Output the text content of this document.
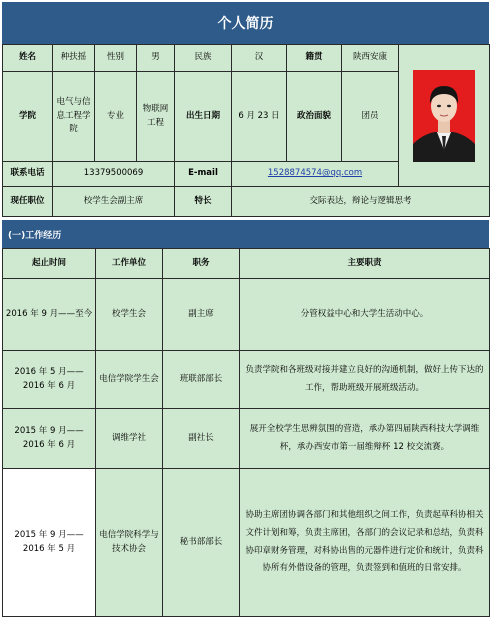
个人简历
姓名	种扶摇	性别	男	民族	汉	籍贯	陕西安康	

学院	电气与信息工程学院	专业	物联网工程	出生日期	6 月 23 日	政治面貌	团员	
联系电话	13379500069			E-mail	1528874574@qq.com			
现任职位	校学生会副主席			特长	交际表达，辩论与逻辑思考			
(一)工作经历
起止时间	工作单位	职务	主要职责
2016 年 9 月——至今	校学生会	副主席	分管权益中心和大学生活动中心。
2016 年 5 月——2016 年 6 月	电信学院学生会	班联部部长	负责学院和各班级对接并建立良好的沟通机制，做好上传下达的工作，帮助班级开展班级活动。
2015 年 9 月——2016 年 6 月	调维学社	副社长	展开全校学生思辨氛围的营造，承办第四届陕西科技大学调维杯，承办西安市第一届维辩杯 12 校交流赛。
2015 年 9 月——2016 年 5 月	电信学院科学与技术协会	秘书部部长	协助主席团协调各部门和其他组织之间工作，负责起草科协相关文件计划和筹，负责主席团，各部门的会议记录和总结，负责科协印章财务管理，对科协出售的元器件进行定价和统计，负责科协所有外借设备的管理，负责签到和值班的日常安排。
